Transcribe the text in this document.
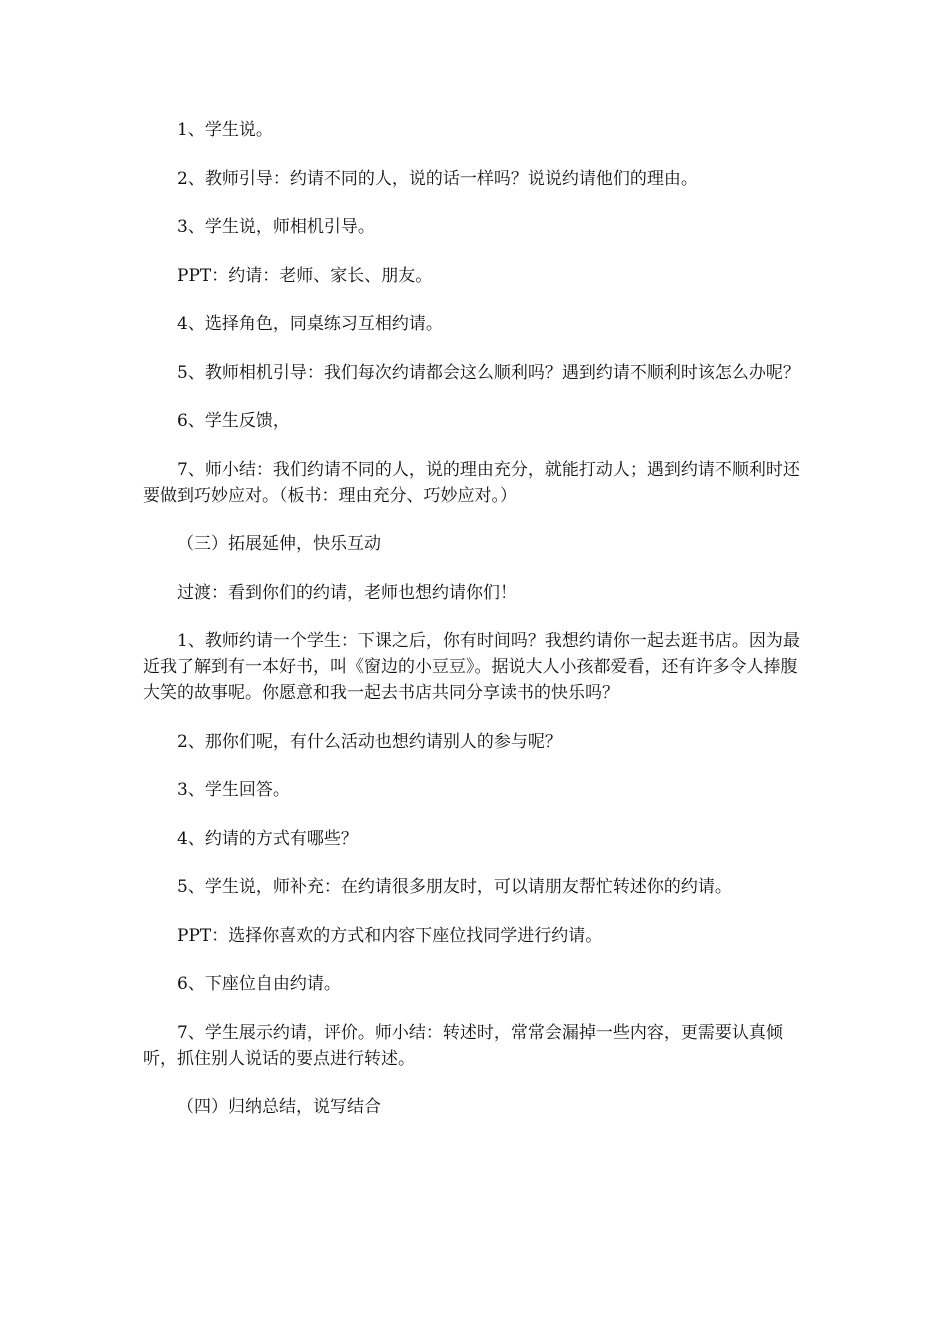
1、学生说。

2、教师引导：约请不同的人，说的话一样吗？说说约请他们的理由。

3、学生说，师相机引导。

PPT：约请：老师、家长、朋友。

4、选择角色，同桌练习互相约请。

5、教师相机引导：我们每次约请都会这么顺利吗？遇到约请不顺利时该怎么办呢？

6、学生反馈，

7、师小结：我们约请不同的人，说的理由充分，就能打动人；遇到约请不顺利时还要做到巧妙应对。（板书：理由充分、巧妙应对。）

（三）拓展延伸，快乐互动

过渡：看到你们的约请，老师也想约请你们！

1、教师约请一个学生：下课之后，你有时间吗？我想约请你一起去逛书店。因为最近我了解到有一本好书，叫《窗边的小豆豆》。据说大人小孩都爱看，还有许多令人捧腹大笑的故事呢。你愿意和我一起去书店共同分享读书的快乐吗？

2、那你们呢，有什么活动也想约请别人的参与呢？

3、学生回答。

4、约请的方式有哪些？

5、学生说，师补充：在约请很多朋友时，可以请朋友帮忙转述你的约请。

PPT：选择你喜欢的方式和内容下座位找同学进行约请。

6、下座位自由约请。

7、学生展示约请，评价。师小结：转述时，常常会漏掉一些内容，更需要认真倾听，抓住别人说话的要点进行转述。

（四）归纳总结，说写结合
